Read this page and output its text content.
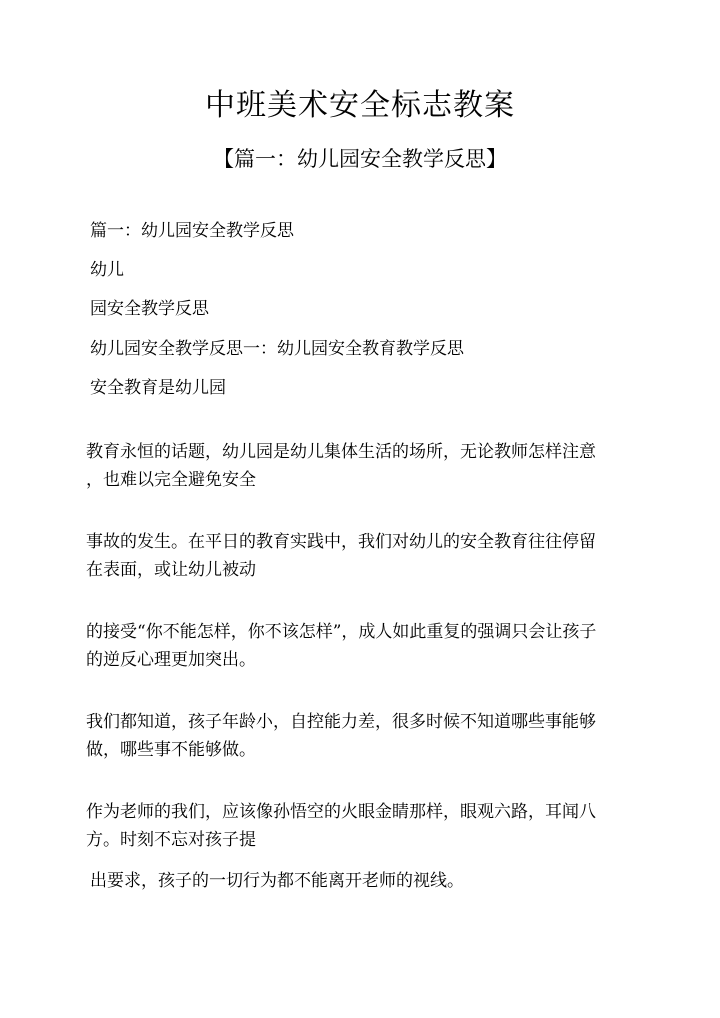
中班美术安全标志教案
【篇一：幼儿园安全教学反思】
篇一：幼儿园安全教学反思
幼儿
园安全教学反思
幼儿园安全教学反思一：幼儿园安全教育教学反思
安全教育是幼儿园
教育永恒的话题，幼儿园是幼儿集体生活的场所，无论教师怎样注意
，也难以完全避免安全
事故的发生。在平日的教育实践中，我们对幼儿的安全教育往往停留
在表面，或让幼儿被动
的接受“你不能怎样，你不该怎样”，成人如此重复的强调只会让孩子
的逆反心理更加突出。
我们都知道，孩子年龄小，自控能力差，很多时候不知道哪些事能够
做，哪些事不能够做。
作为老师的我们，应该像孙悟空的火眼金睛那样，眼观六路，耳闻八
方。时刻不忘对孩子提
出要求，孩子的一切行为都不能离开老师的视线。
